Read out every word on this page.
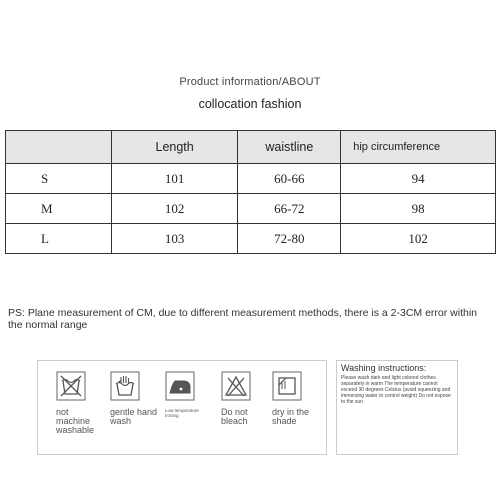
Product information/ABOUT
collocation fashion
	Length	waistline	hip circumference
S	101	60-66	94
M	102	66-72	98
L	103	72-80	102
PS: Plane measurement of CM, due to different measurement methods, there is a 2-3CM error within the normal range
not machine washable
gentle hand wash
Low temperature ironing	Do not bleach
dry in the shade
Washing instructions:
Please wash dark and light colored clothes separately in warm The temperature cannot exceed 30 degrees Celsius (avoid squeezing and immersing water to control weight) Do not expose to the sun
